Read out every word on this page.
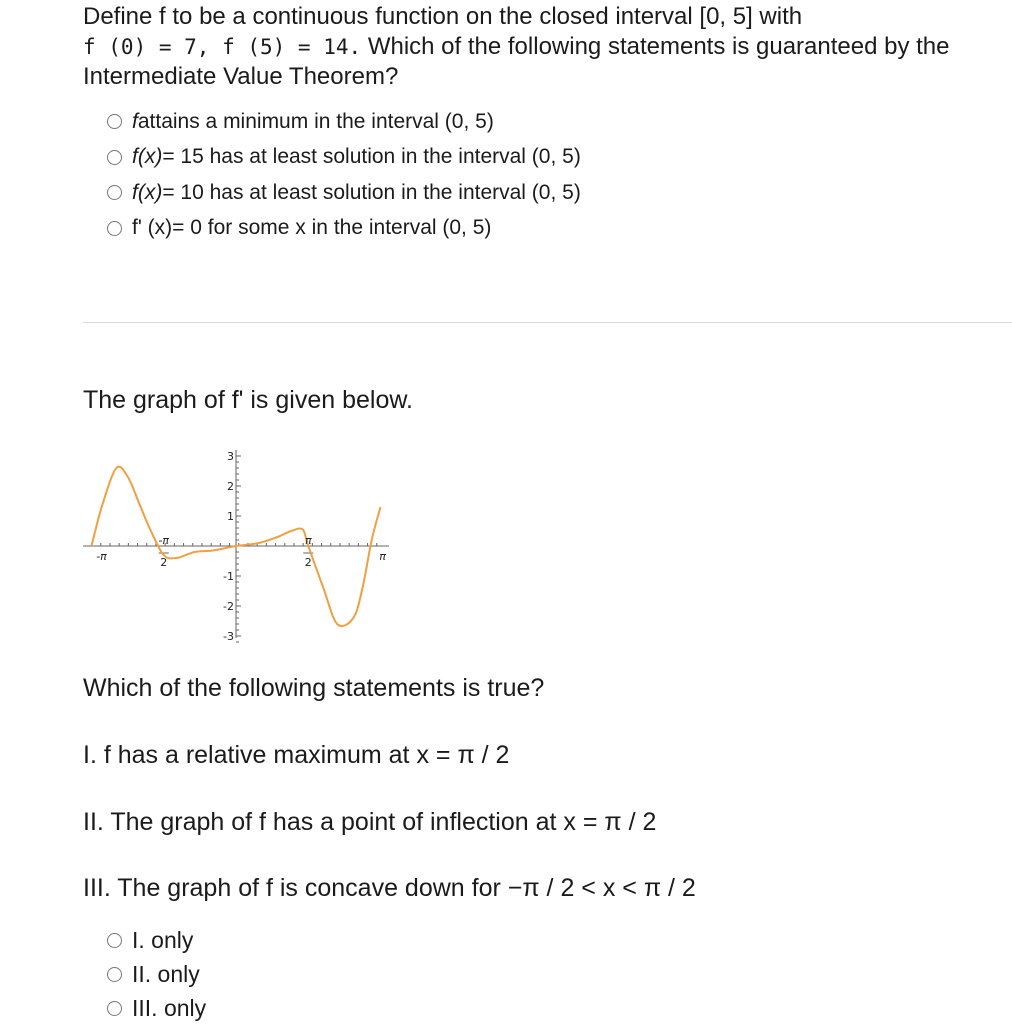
Define f to be a continuous function on the closed interval [0, 5] with
f (0) = 7, f (5) = 14. Which of the following statements is guaranteed by the Intermediate Value Theorem?

f attains a minimum in the interval (0, 5)
f(x) = 15 has at least solution in the interval (0, 5)
f(x) = 10 has at least solution in the interval (0, 5)
f' (x) = 0 for some x in the interval (0, 5)

The graph of f' is given below.

3
2
1
-1
-2
-3
-π
-π
2
π
2	π

Which of the following statements is true?

I. f has a relative maximum at x = π / 2

II. The graph of f has a point of inflection at x = π / 2

III. The graph of f is concave down for −π / 2 < x < π / 2

I. only
II. only
III. only
